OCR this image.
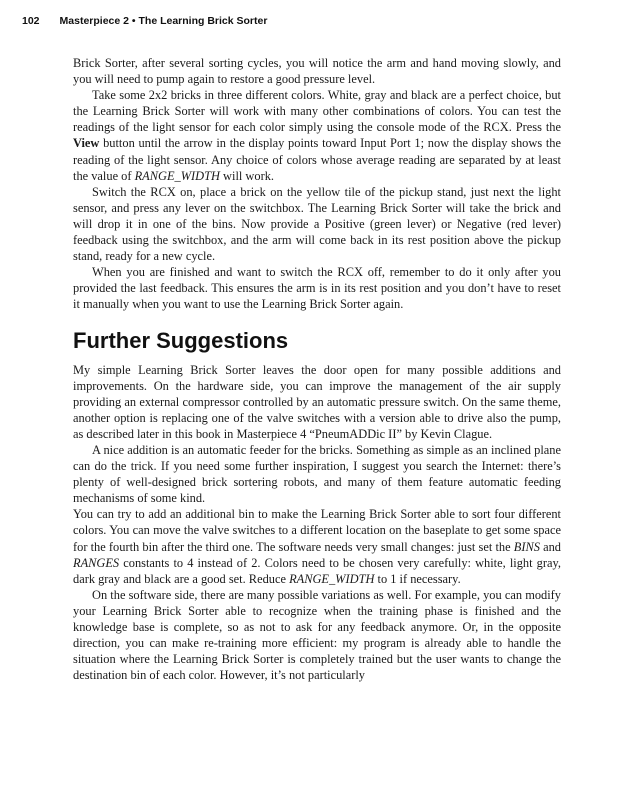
102 Masterpiece 2 • The Learning Brick Sorter

Brick Sorter, after several sorting cycles, you will notice the arm and hand moving slowly, and you will need to pump again to restore a good pressure level.

Take some 2x2 bricks in three different colors. White, gray and black are a perfect choice, but the Learning Brick Sorter will work with many other combinations of colors. You can test the readings of the light sensor for each color simply using the console mode of the RCX. Press the View button until the arrow in the display points toward Input Port 1; now the display shows the reading of the light sensor. Any choice of colors whose average reading are separated by at least the value of RANGE_WIDTH will work.

Switch the RCX on, place a brick on the yellow tile of the pickup stand, just next the light sensor, and press any lever on the switchbox. The Learning Brick Sorter will take the brick and will drop it in one of the bins. Now provide a Positive (green lever) or Negative (red lever) feedback using the switchbox, and the arm will come back in its rest position above the pickup stand, ready for a new cycle.

When you are finished and want to switch the RCX off, remember to do it only after you provided the last feedback. This ensures the arm is in its rest position and you don’t have to reset it manually when you want to use the Learning Brick Sorter again.

Further Suggestions

My simple Learning Brick Sorter leaves the door open for many possible additions and improvements. On the hardware side, you can improve the management of the air supply providing an external compressor controlled by an automatic pressure switch. On the same theme, another option is replacing one of the valve switches with a version able to drive also the pump, as described later in this book in Masterpiece 4 “PneumADDic II” by Kevin Clague.

A nice addition is an automatic feeder for the bricks. Something as simple as an inclined plane can do the trick. If you need some further inspiration, I suggest you search the Internet: there’s plenty of well-designed brick sortering robots, and many of them feature automatic feeding mechanisms of some kind.

You can try to add an additional bin to make the Learning Brick Sorter able to sort four different colors. You can move the valve switches to a different location on the baseplate to get some space for the fourth bin after the third one. The software needs very small changes: just set the BINS and RANGES constants to 4 instead of 2. Colors need to be chosen very carefully: white, light gray, dark gray and black are a good set. Reduce RANGE_WIDTH to 1 if necessary.

On the software side, there are many possible variations as well. For example, you can modify your Learning Brick Sorter able to recognize when the training phase is finished and the knowledge base is complete, so as not to ask for any feedback anymore. Or, in the opposite direction, you can make re-training more efficient: my program is already able to handle the situation where the Learning Brick Sorter is completely trained but the user wants to change the destination bin of each color. However, it’s not particularly
